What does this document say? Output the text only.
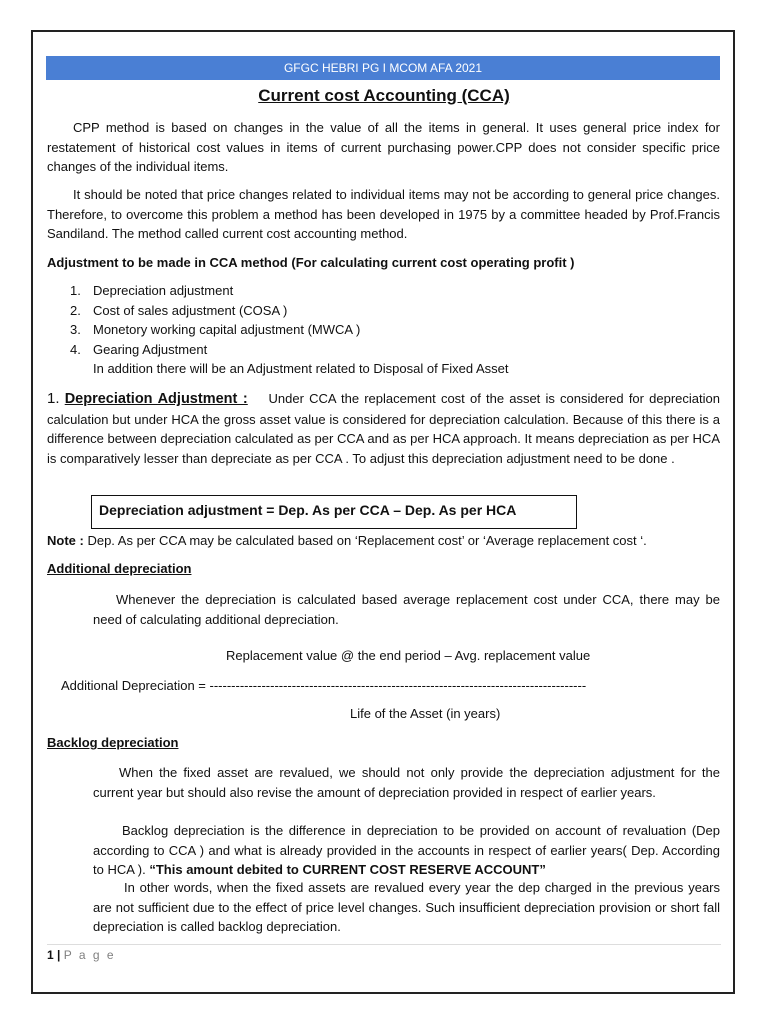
GFGC HEBRI PG I MCOM AFA 2021
Current cost Accounting (CCA)
CPP method is based on changes in the value of all the items in general. It uses general price index for restatement of historical cost values in items of current purchasing power.CPP does not consider specific price changes of the individual items.
It should be noted that price changes related to individual items may not be according to general price changes. Therefore, to overcome this problem a method has been developed in 1975 by a committee headed by Prof.Francis Sandiland. The method called current cost accounting method.
Adjustment to be made in CCA method (For calculating current cost operating profit )
1. Depreciation adjustment
2. Cost of sales adjustment (COSA )
3. Monetory working capital adjustment (MWCA )
4. Gearing Adjustment
In addition there will be an Adjustment related to Disposal of Fixed Asset
1. Depreciation Adjustment : Under CCA the replacement cost of the asset is considered for depreciation calculation but under HCA the gross asset value is considered for depreciation calculation. Because of this there is a difference between depreciation calculated as per CCA and as per HCA approach. It means depreciation as per HCA is comparatively lesser than depreciate as per CCA . To adjust this depreciation adjustment need to be done .
Depreciation adjustment = Dep. As per CCA – Dep. As per HCA
Note : Dep. As per CCA may be calculated based on ‘Replacement cost’ or ‘Average replacement cost ‘.
Additional depreciation
Whenever the depreciation is calculated based average replacement cost under CCA, there may be need of calculating additional depreciation.
Replacement value @ the end period – Avg. replacement value
Additional Depreciation = ---------------------------------------------------------------------------------------
Life of the Asset (in years)
Backlog depreciation
When the fixed asset are revalued, we should not only provide the depreciation adjustment for the current year but should also revise the amount of depreciation provided in respect of earlier years.
Backlog depreciation is the difference in depreciation to be provided on account of revaluation (Dep according to CCA ) and what is already provided in the accounts in respect of earlier years( Dep. According to HCA ). “This amount debited to CURRENT COST RESERVE ACCOUNT”
In other words, when the fixed assets are revalued every year the dep charged in the previous years are not sufficient due to the effect of price level changes. Such insufficient depreciation provision or short fall depreciation is called backlog depreciation.
1 | P a g e
